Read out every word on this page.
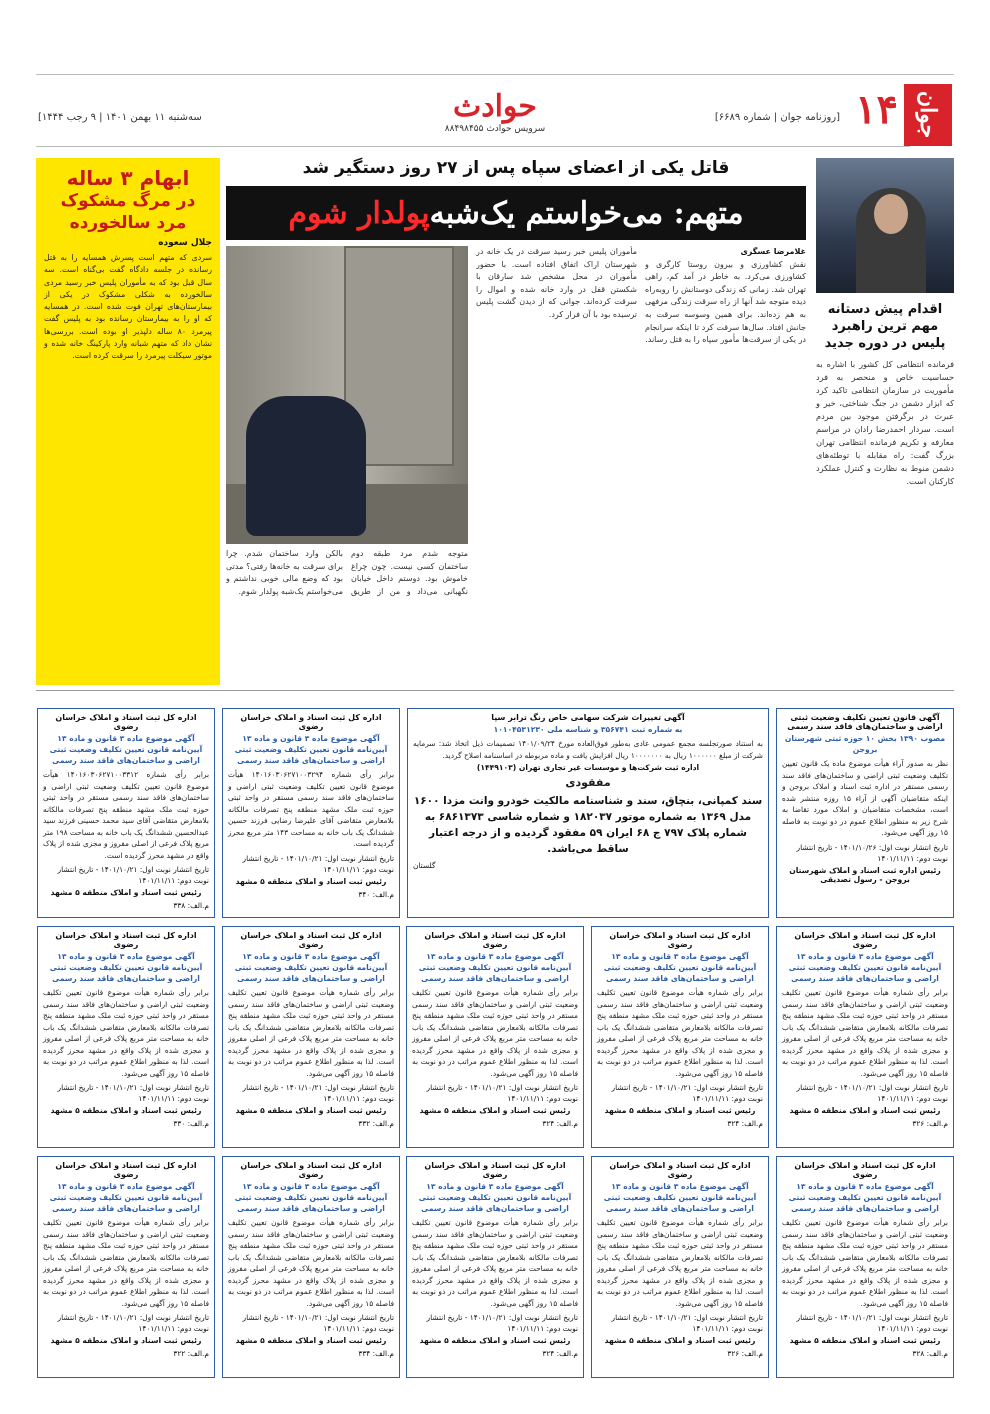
جوان
۱۴
[روزنامه جوان | شماره ۶۶۸۹]
سه‌شنبه ۱۱ بهمن ۱۴۰۱ | ۹ رجب ۱۴۴۴]	حوادث
سرویس حوادث ۸۸۴۹۸۴۵۵
اقدام پیش دستانه مهم ترین راهبرد پلیس در دوره جدید
فرمانده انتظامی کل کشور با اشاره به حساسیت خاص و منحصر به فرد مأموریت در سازمان انتظامی تاکید کرد که ابزار دشمن در جنگ شناختی، خیر و عبرت در برگرفتن موجود بین مردم است. سردار احمدرضا رادان در مراسم معارفه و تکریم فرمانده انتظامی تهران بزرگ گفت: راه مقابله با توطئه‌های دشمن منوط به نظارت و کنترل عملکرد کارکنان است.
قاتل یکی از اعضای سپاه پس از ۲۷ روز دستگیر شد
متهم: می‌خواستم یک‌شبه
پولدار شوم
غلامرضا عسگری
نقش کشاورزی و بیرون روستا کارگری و کشاورزی می‌کرد. به خاطر در آمد کم، راهی تهران شد. زمانی که زندگی دوستانش را روبه‌راه دیده متوجه شد آنها از راه سرقت زندگی مرفهی به هم زده‌اند. برای همین وسوسه سرقت به جانش افتاد. سال‌ها سرقت کرد تا اینکه سرانجام در یکی از سرقت‌ها مأمور سپاه را به قتل رساند.
مأموران پلیس خبر رسید سرقت در یک خانه در شهرستان اراک اتفاق افتاده است. با حضور مأموران در محل مشخص شد سارقان با شکستن قفل در وارد خانه شده و اموال را سرقت کرده‌اند. جوانی که از دیدن گشت پلیس ترسیده بود با آن فرار کرد.
متوجه شدم مرد طبقه دوم ساختمان کسی نیست. چون چراغ خاموش بود. دوستم داخل خیابان نگهبانی می‌داد و من از طریق بالکن وارد ساختمان شدم. چرا برای سرقت به خانه‌ها رفتی؟ مدتی بود که وضع مالی خوبی نداشتم و می‌خواستم یک‌شبه پولدار شوم.
ابهام ۳ ساله
در مرگ مشکوک مرد سالخورده
جلال سعوده
سردی که متهم است پسرش همسایه را به قتل رسانده در جلسه دادگاه گفت بی‌گناه است. سه سال قبل بود که به مأموران پلیس خبر رسید مردی سالخورده به شکلی مشکوک در یکی از بیمارستان‌های تهران فوت شده است. در همسایه که او را به بیمارستان رسانده بود به پلیس گفت پیرمرد ۸۰ ساله دلپذیر او بوده است. بررسی‌ها نشان داد که متهم شبانه وارد پارکینگ خانه شده و موتور سیکلت پیرمرد را سرقت کرده است.
آگهی قانون تعیین تکلیف وضعیت ثبتی اراضی و ساختمان‌های فاقد سند رسمی
مصوب ۱۳۹۰ بخش ۱۰ حوزه ثبتی شهرستان بروجن
نظر به صدور آراء هیأت موضوع ماده یک قانون تعیین تکلیف وضعیت ثبتی اراضی و ساختمان‌های فاقد سند رسمی مستقر در اداره ثبت اسناد و املاک بروجن و اینکه متقاضیان آگهی از آراء ۱۵ روزه منتشر شده است، مشخصات متقاضیان و املاک مورد تقاضا به شرح زیر به منظور اطلاع عموم در دو نوبت به فاصله ۱۵ روز آگهی می‌شود.
تاریخ انتشار نوبت اول: ۱۴۰۱/۱۰/۲۶ - تاریخ انتشار نوبت دوم: ۱۴۰۱/۱۱/۱۱
رئیس اداره ثبت اسناد و املاک شهرستان بروجن - رسول تصدیقی
آگهی تغییرات شرکت سهامی خاص رنگ ترابر سپا
به شماره ثبت ۳۵۶۷۴۱ و شناسه ملی ۱۰۱۰۴۵۳۱۲۳۰
به استناد صورتجلسه مجمع عمومی عادی به‌طور فوق‌العاده مورخ ۱۴۰۱/۰۹/۲۴ تصمیمات ذیل اتخاذ شد: سرمایه شرکت از مبلغ ۱۰۰۰۰۰۰ ریال به ۱۰۰۰۰۰۰۰ ریال افزایش یافت و ماده مربوطه در اساسنامه اصلاح گردید.
اداره ثبت شرکت‌ها و موسسات غیر تجاری تهران (۱۴۴۹۱۰۳)
مفقودی
سند کمپانی، بنچاق، سند و شناسنامه مالکیت خودرو وانت مزدا ۱۶۰۰ مدل ۱۳۶۹ به شماره موتور ۱۸۲۰۳۷ و شماره شاسی ۶۸۶۱۳۷۳ به شماره پلاک ۷۹۷ ج ۶۸ ایران ۵۹ مفقود گردیده و از درجه اعتبار ساقط می‌باشد.
گلستان
اداره کل ثبت اسناد و املاک خراسان رضوی
آگهی موضوع ماده ۳ قانون و ماده ۱۳ آیین‌نامه قانون تعیین تکلیف وضعیت ثبتی اراضی و ساختمان‌های فاقد سند رسمی
برابر رأی شماره ۱۴۰۱۶۰۳۰۶۲۷۱۰۰۳۲۹۴ هیأت موضوع قانون تعیین تکلیف وضعیت ثبتی اراضی و ساختمان‌های فاقد سند رسمی مستقر در واحد ثبتی حوزه ثبت ملک مشهد منطقه پنج تصرفات مالکانه بلامعارض متقاضی آقای علیرضا رضایی فرزند حسین ششدانگ یک باب خانه به مساحت ۱۴۳ متر مربع محرز گردیده است.
تاریخ انتشار نوبت اول: ۱۴۰۱/۱۰/۲۱ - تاریخ انتشار نوبت دوم: ۱۴۰۱/۱۱/۱۱
رئیس ثبت اسناد و املاک منطقه ۵ مشهد
م.الف: ۳۴۰
اداره کل ثبت اسناد و املاک خراسان رضوی
آگهی موضوع ماده ۳ قانون و ماده ۱۳ آیین‌نامه قانون تعیین تکلیف وضعیت ثبتی اراضی و ساختمان‌های فاقد سند رسمی
برابر رأی شماره ۱۴۰۱۶۰۳۰۶۲۷۱۰۰۳۳۱۲ هیأت موضوع قانون تعیین تکلیف وضعیت ثبتی اراضی و ساختمان‌های فاقد سند رسمی مستقر در واحد ثبتی حوزه ثبت ملک مشهد منطقه پنج تصرفات مالکانه بلامعارض متقاضی آقای سید محمد حسینی فرزند سید عبدالحسین ششدانگ یک باب خانه به مساحت ۱۹۸ متر مربع پلاک فرعی از اصلی مفروز و مجزی شده از پلاک واقع در مشهد محرز گردیده است.
تاریخ انتشار نوبت اول: ۱۴۰۱/۱۰/۲۱ - تاریخ انتشار نوبت دوم: ۱۴۰۱/۱۱/۱۱
رئیس ثبت اسناد و املاک منطقه ۵ مشهد
م.الف: ۳۳۸
اداره کل ثبت اسناد و املاک خراسان رضوی
آگهی موضوع ماده ۳ قانون و ماده ۱۳ آیین‌نامه قانون تعیین تکلیف وضعیت ثبتی اراضی و ساختمان‌های فاقد سند رسمی
برابر رأی شماره هیأت موضوع قانون تعیین تکلیف وضعیت ثبتی اراضی و ساختمان‌های فاقد سند رسمی مستقر در واحد ثبتی حوزه ثبت ملک مشهد منطقه پنج تصرفات مالکانه بلامعارض متقاضی ششدانگ یک باب خانه به مساحت متر مربع پلاک فرعی از اصلی مفروز و مجزی شده از پلاک واقع در مشهد محرز گردیده است. لذا به منظور اطلاع عموم مراتب در دو نوبت به فاصله ۱۵ روز آگهی می‌شود.
تاریخ انتشار نوبت اول: ۱۴۰۱/۱۰/۲۱ - تاریخ انتشار نوبت دوم: ۱۴۰۱/۱۱/۱۱
رئیس ثبت اسناد و املاک منطقه ۵ مشهد
م.الف: ۳۲۶
اداره کل ثبت اسناد و املاک خراسان رضوی
آگهی موضوع ماده ۳ قانون و ماده ۱۳ آیین‌نامه قانون تعیین تکلیف وضعیت ثبتی اراضی و ساختمان‌های فاقد سند رسمی
برابر رأی شماره هیأت موضوع قانون تعیین تکلیف وضعیت ثبتی اراضی و ساختمان‌های فاقد سند رسمی مستقر در واحد ثبتی حوزه ثبت ملک مشهد منطقه پنج تصرفات مالکانه بلامعارض متقاضی ششدانگ یک باب خانه به مساحت متر مربع پلاک فرعی از اصلی مفروز و مجزی شده از پلاک واقع در مشهد محرز گردیده است. لذا به منظور اطلاع عموم مراتب در دو نوبت به فاصله ۱۵ روز آگهی می‌شود.
تاریخ انتشار نوبت اول: ۱۴۰۱/۱۰/۲۱ - تاریخ انتشار نوبت دوم: ۱۴۰۱/۱۱/۱۱
رئیس ثبت اسناد و املاک منطقه ۵ مشهد
م.الف: ۳۲۴
اداره کل ثبت اسناد و املاک خراسان رضوی
آگهی موضوع ماده ۳ قانون و ماده ۱۳ آیین‌نامه قانون تعیین تکلیف وضعیت ثبتی اراضی و ساختمان‌های فاقد سند رسمی
برابر رأی شماره هیأت موضوع قانون تعیین تکلیف وضعیت ثبتی اراضی و ساختمان‌های فاقد سند رسمی مستقر در واحد ثبتی حوزه ثبت ملک مشهد منطقه پنج تصرفات مالکانه بلامعارض متقاضی ششدانگ یک باب خانه به مساحت متر مربع پلاک فرعی از اصلی مفروز و مجزی شده از پلاک واقع در مشهد محرز گردیده است. لذا به منظور اطلاع عموم مراتب در دو نوبت به فاصله ۱۵ روز آگهی می‌شود.
تاریخ انتشار نوبت اول: ۱۴۰۱/۱۰/۲۱ - تاریخ انتشار نوبت دوم: ۱۴۰۱/۱۱/۱۱
رئیس ثبت اسناد و املاک منطقه ۵ مشهد
م.الف: ۳۲۴
اداره کل ثبت اسناد و املاک خراسان رضوی
آگهی موضوع ماده ۳ قانون و ماده ۱۳ آیین‌نامه قانون تعیین تکلیف وضعیت ثبتی اراضی و ساختمان‌های فاقد سند رسمی
برابر رأی شماره هیأت موضوع قانون تعیین تکلیف وضعیت ثبتی اراضی و ساختمان‌های فاقد سند رسمی مستقر در واحد ثبتی حوزه ثبت ملک مشهد منطقه پنج تصرفات مالکانه بلامعارض متقاضی ششدانگ یک باب خانه به مساحت متر مربع پلاک فرعی از اصلی مفروز و مجزی شده از پلاک واقع در مشهد محرز گردیده است. لذا به منظور اطلاع عموم مراتب در دو نوبت به فاصله ۱۵ روز آگهی می‌شود.
تاریخ انتشار نوبت اول: ۱۴۰۱/۱۰/۲۱ - تاریخ انتشار نوبت دوم: ۱۴۰۱/۱۱/۱۱
رئیس ثبت اسناد و املاک منطقه ۵ مشهد
م.الف: ۳۳۲
اداره کل ثبت اسناد و املاک خراسان رضوی
آگهی موضوع ماده ۳ قانون و ماده ۱۳ آیین‌نامه قانون تعیین تکلیف وضعیت ثبتی اراضی و ساختمان‌های فاقد سند رسمی
برابر رأی شماره هیأت موضوع قانون تعیین تکلیف وضعیت ثبتی اراضی و ساختمان‌های فاقد سند رسمی مستقر در واحد ثبتی حوزه ثبت ملک مشهد منطقه پنج تصرفات مالکانه بلامعارض متقاضی ششدانگ یک باب خانه به مساحت متر مربع پلاک فرعی از اصلی مفروز و مجزی شده از پلاک واقع در مشهد محرز گردیده است. لذا به منظور اطلاع عموم مراتب در دو نوبت به فاصله ۱۵ روز آگهی می‌شود.
تاریخ انتشار نوبت اول: ۱۴۰۱/۱۰/۲۱ - تاریخ انتشار نوبت دوم: ۱۴۰۱/۱۱/۱۱
رئیس ثبت اسناد و املاک منطقه ۵ مشهد
م.الف: ۳۳۰
اداره کل ثبت اسناد و املاک خراسان رضوی
آگهی موضوع ماده ۳ قانون و ماده ۱۳ آیین‌نامه قانون تعیین تکلیف وضعیت ثبتی اراضی و ساختمان‌های فاقد سند رسمی
برابر رأی شماره هیأت موضوع قانون تعیین تکلیف وضعیت ثبتی اراضی و ساختمان‌های فاقد سند رسمی مستقر در واحد ثبتی حوزه ثبت ملک مشهد منطقه پنج تصرفات مالکانه بلامعارض متقاضی ششدانگ یک باب خانه به مساحت متر مربع پلاک فرعی از اصلی مفروز و مجزی شده از پلاک واقع در مشهد محرز گردیده است. لذا به منظور اطلاع عموم مراتب در دو نوبت به فاصله ۱۵ روز آگهی می‌شود.
تاریخ انتشار نوبت اول: ۱۴۰۱/۱۰/۲۱ - تاریخ انتشار نوبت دوم: ۱۴۰۱/۱۱/۱۱
رئیس ثبت اسناد و املاک منطقه ۵ مشهد
م.الف: ۳۲۸
اداره کل ثبت اسناد و املاک خراسان رضوی
آگهی موضوع ماده ۳ قانون و ماده ۱۳ آیین‌نامه قانون تعیین تکلیف وضعیت ثبتی اراضی و ساختمان‌های فاقد سند رسمی
برابر رأی شماره هیأت موضوع قانون تعیین تکلیف وضعیت ثبتی اراضی و ساختمان‌های فاقد سند رسمی مستقر در واحد ثبتی حوزه ثبت ملک مشهد منطقه پنج تصرفات مالکانه بلامعارض متقاضی ششدانگ یک باب خانه به مساحت متر مربع پلاک فرعی از اصلی مفروز و مجزی شده از پلاک واقع در مشهد محرز گردیده است. لذا به منظور اطلاع عموم مراتب در دو نوبت به فاصله ۱۵ روز آگهی می‌شود.
تاریخ انتشار نوبت اول: ۱۴۰۱/۱۰/۲۱ - تاریخ انتشار نوبت دوم: ۱۴۰۱/۱۱/۱۱
رئیس ثبت اسناد و املاک منطقه ۵ مشهد
م.الف: ۳۲۶
اداره کل ثبت اسناد و املاک خراسان رضوی
آگهی موضوع ماده ۳ قانون و ماده ۱۳ آیین‌نامه قانون تعیین تکلیف وضعیت ثبتی اراضی و ساختمان‌های فاقد سند رسمی
برابر رأی شماره هیأت موضوع قانون تعیین تکلیف وضعیت ثبتی اراضی و ساختمان‌های فاقد سند رسمی مستقر در واحد ثبتی حوزه ثبت ملک مشهد منطقه پنج تصرفات مالکانه بلامعارض متقاضی ششدانگ یک باب خانه به مساحت متر مربع پلاک فرعی از اصلی مفروز و مجزی شده از پلاک واقع در مشهد محرز گردیده است. لذا به منظور اطلاع عموم مراتب در دو نوبت به فاصله ۱۵ روز آگهی می‌شود.
تاریخ انتشار نوبت اول: ۱۴۰۱/۱۰/۲۱ - تاریخ انتشار نوبت دوم: ۱۴۰۱/۱۱/۱۱
رئیس ثبت اسناد و املاک منطقه ۵ مشهد
م.الف: ۳۲۴
اداره کل ثبت اسناد و املاک خراسان رضوی
آگهی موضوع ماده ۳ قانون و ماده ۱۳ آیین‌نامه قانون تعیین تکلیف وضعیت ثبتی اراضی و ساختمان‌های فاقد سند رسمی
برابر رأی شماره هیأت موضوع قانون تعیین تکلیف وضعیت ثبتی اراضی و ساختمان‌های فاقد سند رسمی مستقر در واحد ثبتی حوزه ثبت ملک مشهد منطقه پنج تصرفات مالکانه بلامعارض متقاضی ششدانگ یک باب خانه به مساحت متر مربع پلاک فرعی از اصلی مفروز و مجزی شده از پلاک واقع در مشهد محرز گردیده است. لذا به منظور اطلاع عموم مراتب در دو نوبت به فاصله ۱۵ روز آگهی می‌شود.
تاریخ انتشار نوبت اول: ۱۴۰۱/۱۰/۲۱ - تاریخ انتشار نوبت دوم: ۱۴۰۱/۱۱/۱۱
رئیس ثبت اسناد و املاک منطقه ۵ مشهد
م.الف: ۳۳۴
اداره کل ثبت اسناد و املاک خراسان رضوی
آگهی موضوع ماده ۳ قانون و ماده ۱۳ آیین‌نامه قانون تعیین تکلیف وضعیت ثبتی اراضی و ساختمان‌های فاقد سند رسمی
برابر رأی شماره هیأت موضوع قانون تعیین تکلیف وضعیت ثبتی اراضی و ساختمان‌های فاقد سند رسمی مستقر در واحد ثبتی حوزه ثبت ملک مشهد منطقه پنج تصرفات مالکانه بلامعارض متقاضی ششدانگ یک باب خانه به مساحت متر مربع پلاک فرعی از اصلی مفروز و مجزی شده از پلاک واقع در مشهد محرز گردیده است. لذا به منظور اطلاع عموم مراتب در دو نوبت به فاصله ۱۵ روز آگهی می‌شود.
تاریخ انتشار نوبت اول: ۱۴۰۱/۱۰/۲۱ - تاریخ انتشار نوبت دوم: ۱۴۰۱/۱۱/۱۱
رئیس ثبت اسناد و املاک منطقه ۵ مشهد
م.الف: ۳۲۲
